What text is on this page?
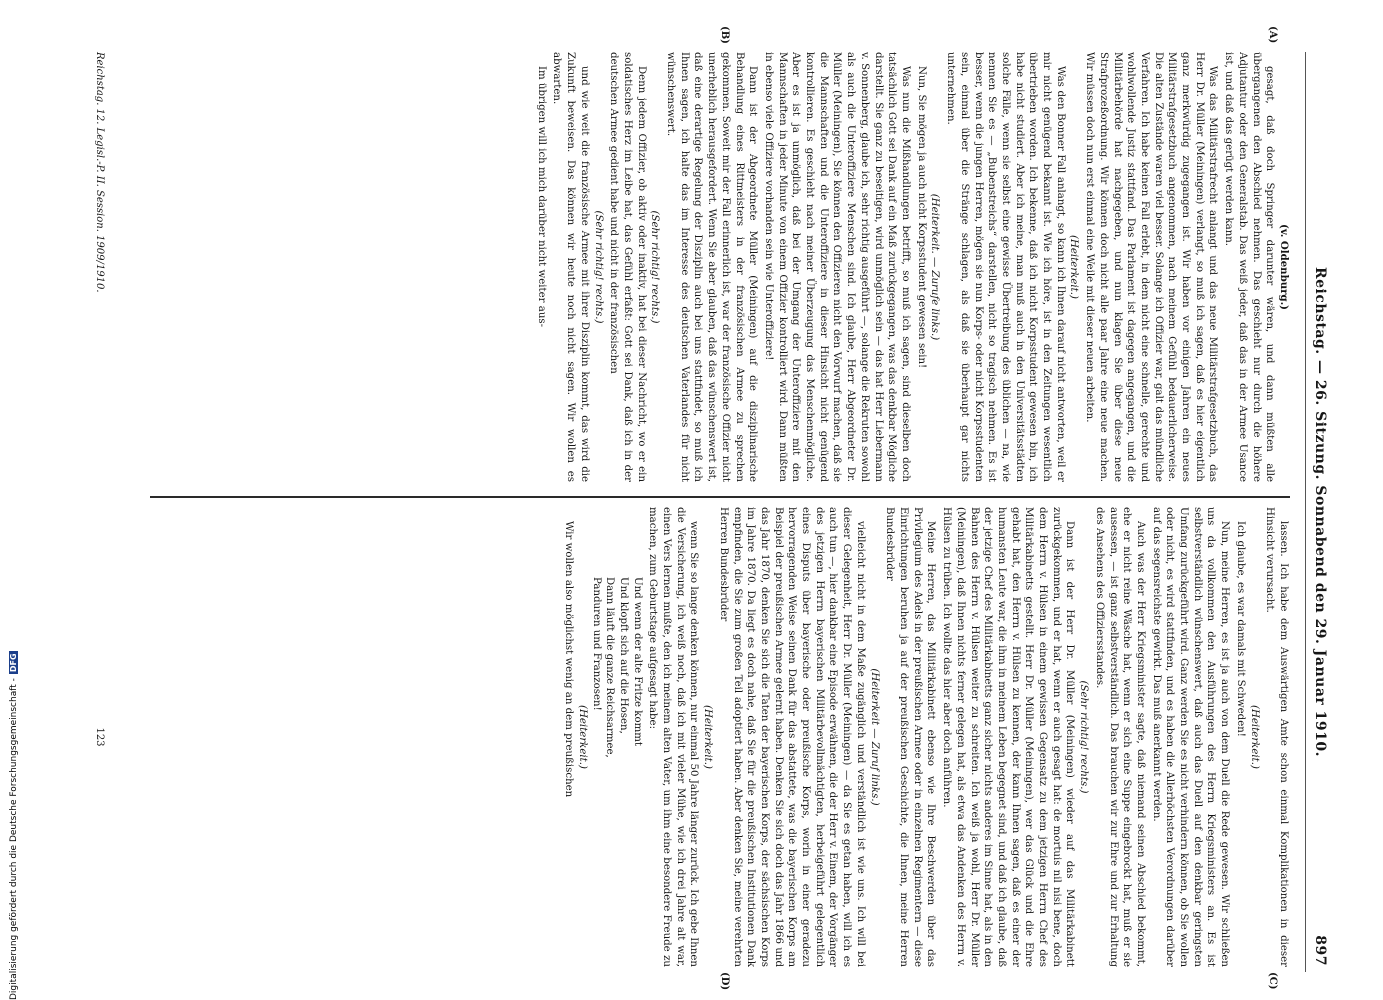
Reichstag. — 26. Sitzung. Sonnabend den 29. Januar 1910.
897
(v. Oldenburg.)

gesagt, daß doch Springer darunter wären, und dann müßten alle übergangenen den Abschied nehmen. Das geschieht nur durch die höhere Adjutantur oder den Generalstab. Das weiß jeder, daß das in der Armee Usance ist, und daß das gerügt werden kann.

Was das Militärstrafrecht anlangt und das neue Militärstrafgesetzbuch, das Herr Dr. Müller (Meiningen) verlangt, so muß ich sagen, daß es hier eigentlich ganz merkwürdig zugegangen ist. Wir haben vor einigen Jahren ein neues Militärstrafgesetzbuch angenommen, nach meinem Gefühl bedauerlicherweise. Die alten Zustände waren viel besser. Solange ich Offizier war, galt das mündliche Verfahren. Ich habe keinen Fall erlebt, in dem nicht eine schnelle, gerechte und wohlwollende Justiz stattfand. Das Parlament ist dagegen angegangen, und die Militärbehörde hat nachgegeben, und nun klagen Sie über diese neue Strafprozeßordnung. Wir können doch nicht alle paar Jahre eine neue machen. Wir müssen doch nun erst einmal eine Weile mit dieser neuen arbeiten.

(Heiterkeit.)

Was den Bonner Fall anlangt, so kann ich Ihnen darauf nicht antworten, weil er mir nicht genügend bekannt ist. Wie ich höre, ist in den Zeitungen wesentlich übertrieben worden. Ich bekenne, daß ich nicht Korpsstudent gewesen bin, ich habe nicht studiert. Aber ich meine, man muß auch in den Universitätsstädten solche Fälle, wenn sie selbst eine gewisse Übertreibung des üblichen — na, wie nennen Sie es — „Bubenstreichs“ darstellen, nicht so tragisch nehmen. Es ist besser, wenn die jungen Herren, mögen sie nun Korps- oder nicht Korpsstudenten sein, einmal über die Stränge schlagen, als daß sie überhaupt gar nichts unternehmen.

(Heiterkeit. — Zurufe links.)

Nun, Sie mögen ja auch nicht Korpsstudent gewesen sein!

Was nun die Mißhandlungen betrifft, so muß ich sagen, sind dieselben doch tatsächlich Gott sei Dank auf ein Maß zurückgegangen, was das denkbar Mögliche darstellt. Sie ganz zu beseitigen, wird unmöglich sein — das hat Herr Liebermann v. Sonnenberg, glaube ich, sehr richtig ausgeführt —, solange die Rekruten sowohl als auch die Unteroffiziere Menschen sind. Ich glaube, Herr Abgeordneter Dr. Müller (Meiningen), Sie können den Offizieren nicht den Vorwurf machen, daß sie die Mannschaften und die Unteroffiziere in dieser Hinsicht nicht genügend kontrollieren. Es geschieht nach meiner Überzeugung das Menschenmögliche. Aber es ist ja unmöglich, daß bei der Umgang der Unteroffiziere mit den Mannschaften in jeder Minute von einem Offizier kontrolliert wird. Dann müßten in ebenso viele Offiziere vorhanden sein wie Unteroffiziere!

Dann ist der Abgeordnete Müller (Meiningen) auf die disziplinarische Behandlung eines Rittmeisters in der französischen Armee zu sprechen gekommen. Soweit mir der Fall erinnerlich ist, war der französische Offizier nicht unerheblich herausgefordert. Wenn Sie aber glauben, daß das wünschenswert ist, daß eine derartige Regelung der Disziplin auch bei uns stattfindet, so muß ich Ihnen sagen, ich halte das im Interesse des deutschen Vaterlandes für nicht wünschenswert.

(Sehr richtig! rechts.)

Denn jedem Offizier, ob aktiv oder inaktiv, hat bei dieser Nachricht, wo er ein soldatisches Herz im Leibe hat, das Gefühl erfaßt: Gott sei Dank, daß ich in der deutschen Armee gedient habe und nicht in der französischen

(Sehr richtig! rechts.)

und wie weit die französische Armee mit ihrer Disziplin kommt, das wird die Zukunft beweisen. Das können wir heute noch nicht sagen. Wir wollen es abwarten.

Im übrigen will ich mich darüber nicht weiter aus-

lassen. Ich habe dem Auswärtigen Amte schon einmal Komplikationen in dieser Hinsicht verursacht.

(Heiterkeit.)

Ich glaube, es war damals mit Schweden!

Nun, meine Herren, es ist ja auch von dem Duell die Rede gewesen. Wir schließen uns da vollkommen den Ausführungen des Herrn Kriegsministers an. Es ist selbstverständlich wünschenswert, daß auch das Duell auf den denkbar geringsten Umfang zurückgeführt wird. Ganz werden Sie es nicht verhindern können, ob Sie wollen oder nicht, es wird stattfinden, und es haben die Allerhöchsten Verordnungen darüber auf das segensreichste gewirkt. Das muß anerkannt werden.

Auch was der Herr Kriegsminister sagte, daß niemand seinen Abschied bekommt, ehe er nicht reine Wäsche hat, wenn er sich eine Suppe eingebrockt hat, muß er sie ausessen, — ist ganz selbstverständlich. Das brauchen wir zur Ehre und zur Erhaltung des Ansehens des Offiziersstandes.

(Sehr richtig! rechts.)

Dann ist der Herr Dr. Müller (Meiningen) wieder auf das Militärkabinett zurückgekommen, und er hat, wenn er auch gesagt hat: de mortuis nil nisi bene, doch dem Herrn v. Hülsen in einem gewissen Gegensatz zu dem jetzigen Herrn Chef des Militärkabinetts gestellt. Herr Dr. Müller (Meiningen), wer das Glück und die Ehre gehabt hat, den Herrn v. Hülsen zu kennen, der kann Ihnen sagen, daß es einer der humansten Leute war, die ihm in meinem Leben begegnet sind, und daß ich glaube, daß der jetzige Chef des Militärkabinetts ganz sicher nichts anderes im Sinne hat, als in den Bahnen des Herrn v. Hülsen weiter zu schreiten. Ich weiß ja wohl, Herr Dr. Müller (Meiningen), daß Ihnen nichts ferner gelegen hat, als etwa das Andenken des Herrn v. Hülsen zu trüben. Ich wollte das hier aber doch anführen.

Meine Herren, das Militärkabinett ebenso wie Ihre Beschwerden über das Privilegium des Adels in der preußischen Armee oder in einzelnen Regimentern — diese Einrichtungen beruhen ja auf der preußischen Geschichte, die Ihnen, meine Herren Bundesbrüder

(Heiterkeit — Zuruf links.)

vielleicht nicht in dem Maße zugänglich und verständlich ist wie uns. Ich will bei dieser Gelegenheit, Herr Dr. Müller (Meiningen) — da Sie es getan haben, will ich es auch tun —, hier dankbar eine Episode erwähnen, die der Herr v. Einem, der Vorgänger des jetzigen Herrn bayerischen Militärbevollmächtigten, herbeigeführt gelegentlich eines Disputs über bayerische oder preußische Korps, worin in einer geradezu hervorragenden Weise seinen Dank für das abstattete, was die bayerischen Korps am Beispiel der preußischen Armee gelernt haben. Denken Sie sich doch das Jahr 1866 und das Jahr 1870, denken Sie sich die Taten der bayerischen Korps, der sächsischen Korps im Jahre 1870. Da liegt es doch nahe, daß Sie für die preußischen Institutionen Dank empfinden, die Sie zum großen Teil adoptiert haben. Aber denken Sie, meine verehrten Herren Bundesbrüder

(Heiterkeit.)

wenn Sie so lange denken können, nur einmal 50 Jahre länger zurück. Ich gebe Ihnen die Versicherung, ich weiß noch, daß ich mit vieler Mühe, wie ich drei Jahre alt war, einen Vers lernen mußte, den ich meinem alten Vater, um ihm eine besondere Freude zu machen, zum Geburtstage aufgesagt habe:

Und wenn der alte Fritze kommt
Und klopft sich auf die Hosen,
Dann läuft die ganze Reichsarmee,
Panduren und Franzosen!
(Heiterkeit.)

Wir wollen also möglichst wenig an dem preußischen

(A)
(B)
(C)
(D)
Reichstag. 12. Legisl.-P. II. Session. 1909/1910.
123
Digitalisierung gefördert durch die Deutsche Forschungsgemeinschaft -DFG
